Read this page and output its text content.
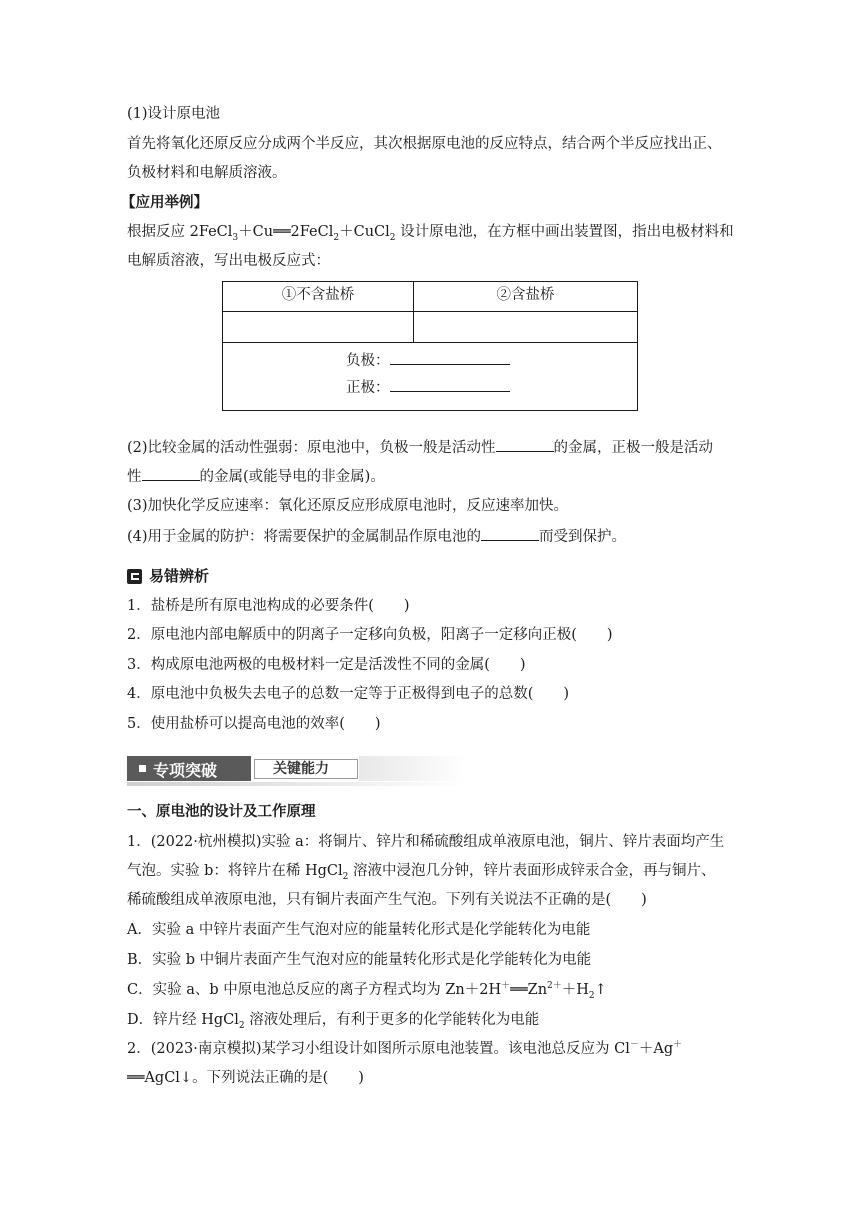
(1)设计原电池
首先将氧化还原反应分成两个半反应，其次根据原电池的反应特点，结合两个半反应找出正、
负极材料和电解质溶液。
【应用举例】
根据反应 2FeCl$_3$＋Cu══2FeCl$_2$＋CuCl$_2$ 设计原电池，在方框中画出装置图，指出电极材料和
电解质溶液，写出电极反应式：
①不含盐桥	②含盐桥
负极：
正极：
(2)比较金属的活动性强弱：原电池中，负极一般是活动性	的金属，正极一般是活动
性	的金属(或能导电的非金属)。
(3)加快化学反应速率：氧化还原反应形成原电池时，反应速率加快。
(4)用于金属的防护：将需要保护的金属制品作原电池的	而受到保护。
易错辨析
1．盐桥是所有原电池构成的必要条件( )
2．原电池内部电解质中的阴离子一定移向负极，阳离子一定移向正极( )
3．构成原电池两极的电极材料一定是活泼性不同的金属( )
4．原电池中负极失去电子的总数一定等于正极得到电子的总数( )
5．使用盐桥可以提高电池的效率( )
专项突破	关键能力
一、原电池的设计及工作原理
1．(2022·杭州模拟)实验 a：将铜片、锌片和稀硫酸组成单液原电池，铜片、锌片表面均产生
气泡。实验 b：将锌片在稀 HgCl$_2$ 溶液中浸泡几分钟，锌片表面形成锌汞合金，再与铜片、
稀硫酸组成单液原电池，只有铜片表面产生气泡。下列有关说法不正确的是( )
A．实验 a 中锌片表面产生气泡对应的能量转化形式是化学能转化为电能
B．实验 b 中铜片表面产生气泡对应的能量转化形式是化学能转化为电能
C．实验 a、b 中原电池总反应的离子方程式均为 $Zn+2H^+══Zn^{2+}+H_2↑$
D．锌片经 HgCl$_2$ 溶液处理后，有利于更多的化学能转化为电能
2．(2023·南京模拟)某学习小组设计如图所示原电池装置。该电池总反应为 Cl－＋Ag＋
══AgCl↓。下列说法正确的是( )
